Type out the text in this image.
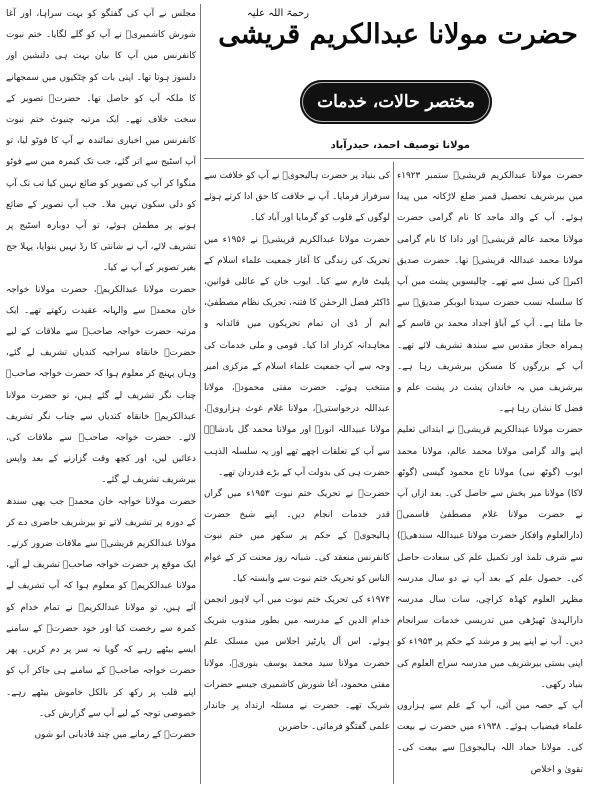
حضرت مولانا عبدالکریم قریشی
رحمۃ اللہ علیہ
مختصر حالات، خدمات
مولانا توصیف احمد، حیدرآباد

حضرت مولانا عبدالکریم قریشیؒ ستمبر ۱۹۲۳ء میں بیرشریف تحصیل قمبر ضلع لاڑکانہ میں پیدا ہوئے۔ آپ کے والد ماجد کا نام گرامی حضرت مولانا محمد عالم قریشیؒ اور دادا کا نام گرامی مولانا محمد عبداللہ قریشیؒ تھا۔ حضرت صدیق اکبرؓ کی نسل سے تھے۔ چالیسویں پشت میں آپ کا سلسلہ نسب حضرت سیدنا ابوبکر صدیقؓ سے جا ملتا ہے۔ آپ کے آباؤ اجداد محمد بن قاسم کے ہمراہ حجاز مقدس سے سندھ تشریف لائے تھے۔ آپ کے بزرگوں کا مسکن بیرشریف رہا ہے۔ بیرشریف میں یہ خاندان پشت در پشت علم و فضل کا نشان رہا ہے۔

حضرت مولانا عبدالکریم قریشیؒ نے ابتدائی تعلیم اپنے والد گرامی مولانا محمد عالم، مولانا محمد ایوب (گوٹھ نبی) مولانا تاج محمود گیسی (گوٹھ لاکا) مولانا میر بخش سے حاصل کی۔ بعد ازاں آپ نے حضرت مولانا غلام مصطفیٰ قاسمیؒ (دارالعلوم وافکار حضرت مولانا عبیداللہ سندھیؒ) سے شرف تلمذ اور تکمیل علم کی سعادت حاصل کی۔ حصول علم کے بعد آپ نے دو سال مدرسہ مظہر العلوم کھڈہ کراچی، سات سال مدرسہ دارالہدیٰ ٹھیڑھی میں تدریسی خدمات سرانجام دیں۔ آپ نے اپنے پیر و مرشد کے حکم پر ۱۹۵۳ء کو اپنی بستی بیرشریف میں مدرسہ سراج العلوم کی بنیاد رکھی۔

آپ کے حصہ میں آئی، آپ کے علم سے ہزاروں علماء فیضیاب ہوئے۔ ۱۹۳۸ء میں حضرت نے بیعت کی۔ مولانا حماد اللہ ہالیجویؒ سے بیعت کی۔ تقویٰ و اخلاص

کی بنیاد پر حضرت ہالیجویؒ نے آپ کو خلافت سے سرفراز فرمایا۔ آپ نے خلافت کا حق ادا کرتے ہوئے لوگوں کے قلوب کو گرمایا اور آباد کیا۔

حضرت مولانا عبدالکریم قریشیؒ نے ۱۹۵۶ء میں تحریک کی زندگی کا آغاز جمعیت علماء اسلام کے پلیٹ فارم سے کیا۔ ایوب خان کے عائلی قوانین، ڈاکٹر فضل الرحمٰن کا فتنہ، تحریک نظام مصطفیٰ، ایم آر ڈی ان تمام تحریکوں میں قائدانہ و مجاہدانہ کردار ادا کیا۔ قومی و ملی خدمات کی وجہ سے آپ جمعیت علماء اسلام کے مرکزی امیر منتخب ہوئے۔ حضرت مفتی محمودؒ، مولانا عبداللہ درخواستیؒ، مولانا غلام غوث ہزارویؒ، مولانا عبیداللہ انورؒ اور مولانا محمد گل بادشاہؒ سے آپ کے تعلقات اچھے تھے اور یہ سلسلہ الذہب حضرت ہی کی بدولت آپ کے بڑے قدردان تھے۔

حضرتؒ نے تحریک ختم نبوت ۱۹۵۳ء میں گراں قدر خدمات انجام دیں۔ اپنے شیخ حضرت ہالیجویؒ کے حکم پر سکھر میں ختم نبوت کانفرنس منعقد کی۔ شبانہ روز محنت کر کے عوام الناس کو تحریک ختم نبوت سے وابستہ کیا۔

۱۹۷۴ء کی تحریک ختم نبوت میں آپ لاہور انجمن خدام الدین کے مدرسہ میں بطور مندوب شریک ہوئے۔ اس آل پارٹیز اجلاس میں مسلک علم حضرت مولانا سید محمد یوسف بنوریؒ، مولانا مفتی محمود، آغا شورش کاشمیری جیسے حضرات شریک تھے۔ حضرت نے مسئلہ ارتداد پر جاندار علمی گفتگو فرمائی۔ حاضرین

مجلس نے آپ کی گفتگو کو بہت سراہا، اور آغا شورش کاشمیریؒ نے آپ کو گلے لگایا۔ ختم نبوت کانفرنس میں آپ کا بیان بہت ہی دلنشین اور دلسوز ہوتا تھا۔ اپنی بات کو چٹکیوں میں سمجھانے کا ملکہ آپ کو حاصل تھا۔ حضرتؒ تصویر کے سخت خلاف تھے۔ ایک مرتبہ چنیوٹ ختم نبوت کانفرنس میں اخباری نمائندہ نے آپ کا فوٹو لیا، تو آپ اسٹیج سے اتر گئے، جب تک کیمرہ مین سے فوٹو منگوا کر آپ کی تصویر کو ضائع نہیں کیا تب تک آپ کو دلی سکون نہیں ملا۔ جب آپ تصویر کے ضائع ہونے پر مطمئن ہوئے، تو آپ دوبارہ اسٹیج پر تشریف لائے، آپ نے شانتی کا رڈ نہیں بنوایا، پہلا حج بغیر تصویر کے آپ نے کیا۔

حضرت مولانا عبدالکریمؒ، حضرت مولانا خواجہ خان محمدؒ سے والہانہ عقیدت رکھتے تھے۔ ایک مرتبہ حضرت خواجہ صاحبؒ سے ملاقات کے لیے حضرتؒ خانقاہ سراجیہ کندیاں تشریف لے گئے، وہاں پہنچ کر معلوم ہوا کہ حضرت خواجہ صاحبؒ چناب نگر تشریف لے گئے ہیں، تو حضرت مولانا عبدالکریمؒ خانقاہ کندیاں سے چناب نگر تشریف لائے۔ حضرت خواجہ صاحبؒ سے ملاقات کی، دعائیں لیں، اور کچھ وقت گزارنے کے بعد واپس بیرشریف تشریف لے گئے۔

حضرت مولانا خواجہ خان محمدؒ جب بھی سندھ کے دورہ پر تشریف لاتے تو بیرشریف حاضری دے کر مولانا عبدالکریم قریشیؒ سے ملاقات ضرور کرتے۔ ایک موقع پر حضرت خواجہ صاحبؒ تشریف لے آئے، مولانا عبدالکریمؒ کو معلوم ہوا کہ آپ تشریف لے آئے ہیں، تو مولانا عبدالکریمؒ نے تمام خدام کو کمرہ سے رخصت کیا اور خود حضرتؒ کے سامنے ایسے بیٹھے رہے کہ گویا نہ سر پر دم کریں۔ پھر حضرت خواجہ صاحبؒ کے سامنے ہی جاکر آپ کو اپنے قلب پر رکھ کر بالکل خاموش بیٹھے رہے۔ خصوصی توجہ کے لیے آپ سے گزارش کی۔

حضرتؒ کے زمانے میں چند قادیانی ابو شوں
